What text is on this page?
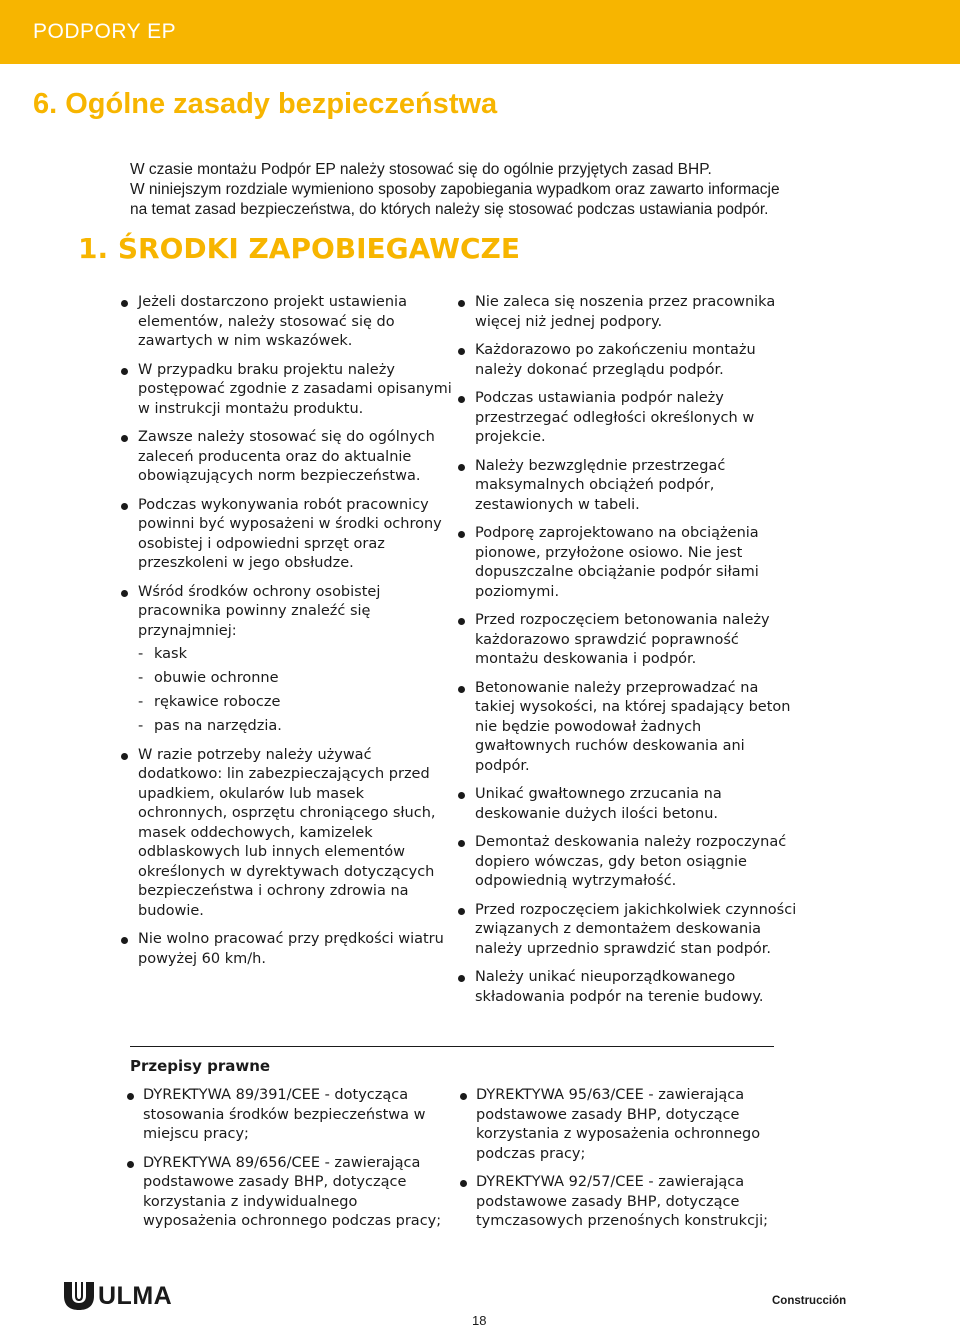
PODPORY EP
6. Ogólne zasady bezpieczeństwa

W czasie montażu Podpór EP należy stosować się do ogólnie przyjętych zasad BHP.
W niniejszym rozdziale wymieniono sposoby zapobiegania wypadkom oraz zawarto informacje
na temat zasad bezpieczeństwa, do których należy się stosować podczas ustawiania podpór.

1. ŚRODKI ZAPOBIEGAWCZE
Jeżeli dostarczono projekt ustawienia elementów, należy stosować się do zawartych w nim wskazówek.
W przypadku braku projektu należy postępować zgodnie z zasadami opisanymi w instrukcji montażu produktu.
Zawsze należy stosować się do ogólnych zaleceń producenta oraz do aktualnie obowiązujących norm bezpieczeństwa.
Podczas wykonywania robót pracownicy powinni być wyposażeni w środki ochrony osobistej i odpowiedni sprzęt oraz przeszkoleni w jego obsłudze.
Wśród środków ochrony osobistej pracownika powinny znaleźć się przynajmniej:
- kask
- obuwie ochronne
- rękawice robocze
- pas na narzędzia.
W razie potrzeby należy używać dodatkowo: lin zabezpieczających przed upadkiem, okularów lub masek ochronnych, osprzętu chroniącego słuch, masek oddechowych, kamizelek odblaskowych lub innych elementów określonych w dyrektywach dotyczących bezpieczeństwa i ochrony zdrowia na budowie.
Nie wolno pracować przy prędkości wiatru powyżej 60 km/h.
Nie zaleca się noszenia przez pracownika więcej niż jednej podpory.
Każdorazowo po zakończeniu montażu należy dokonać przeglądu podpór.
Podczas ustawiania podpór należy przestrzegać odległości określonych w projekcie.
Należy bezwzględnie przestrzegać maksymalnych obciążeń podpór, zestawionych w tabeli.
Podporę zaprojektowano na obciążenia pionowe, przyłożone osiowo. Nie jest dopuszczalne obciążanie podpór siłami poziomymi.
Przed rozpoczęciem betonowania należy każdorazowo sprawdzić poprawność montażu deskowania i podpór.
Betonowanie należy przeprowadzać na takiej wysokości, na której spadający beton nie będzie powodował żadnych gwałtownych ruchów deskowania ani podpór.
Unikać gwałtownego zrzucania na deskowanie dużych ilości betonu.
Demontaż deskowania należy rozpoczynać dopiero wówczas, gdy beton osiągnie odpowiednią wytrzymałość.
Przed rozpoczęciem jakichkolwiek czynności związanych z demontażem deskowania należy uprzednio sprawdzić stan podpór.
Należy unikać nieuporządkowanego składowania podpór na terenie budowy.
Przepisy prawne
DYREKTYWA 89/391/CEE - dotycząca stosowania środków bezpieczeństwa w miejscu pracy;
DYREKTYWA 89/656/CEE - zawierająca podstawowe zasady BHP, dotyczące korzystania z indywidualnego wyposażenia ochronnego podczas pracy;
DYREKTYWA 95/63/CEE - zawierająca podstawowe zasady BHP, dotyczące korzystania z wyposażenia ochronnego podczas pracy;
DYREKTYWA 92/57/CEE - zawierająca podstawowe zasady BHP, dotyczące tymczasowych przenośnych konstrukcji;
ULMA	Construcción
18
